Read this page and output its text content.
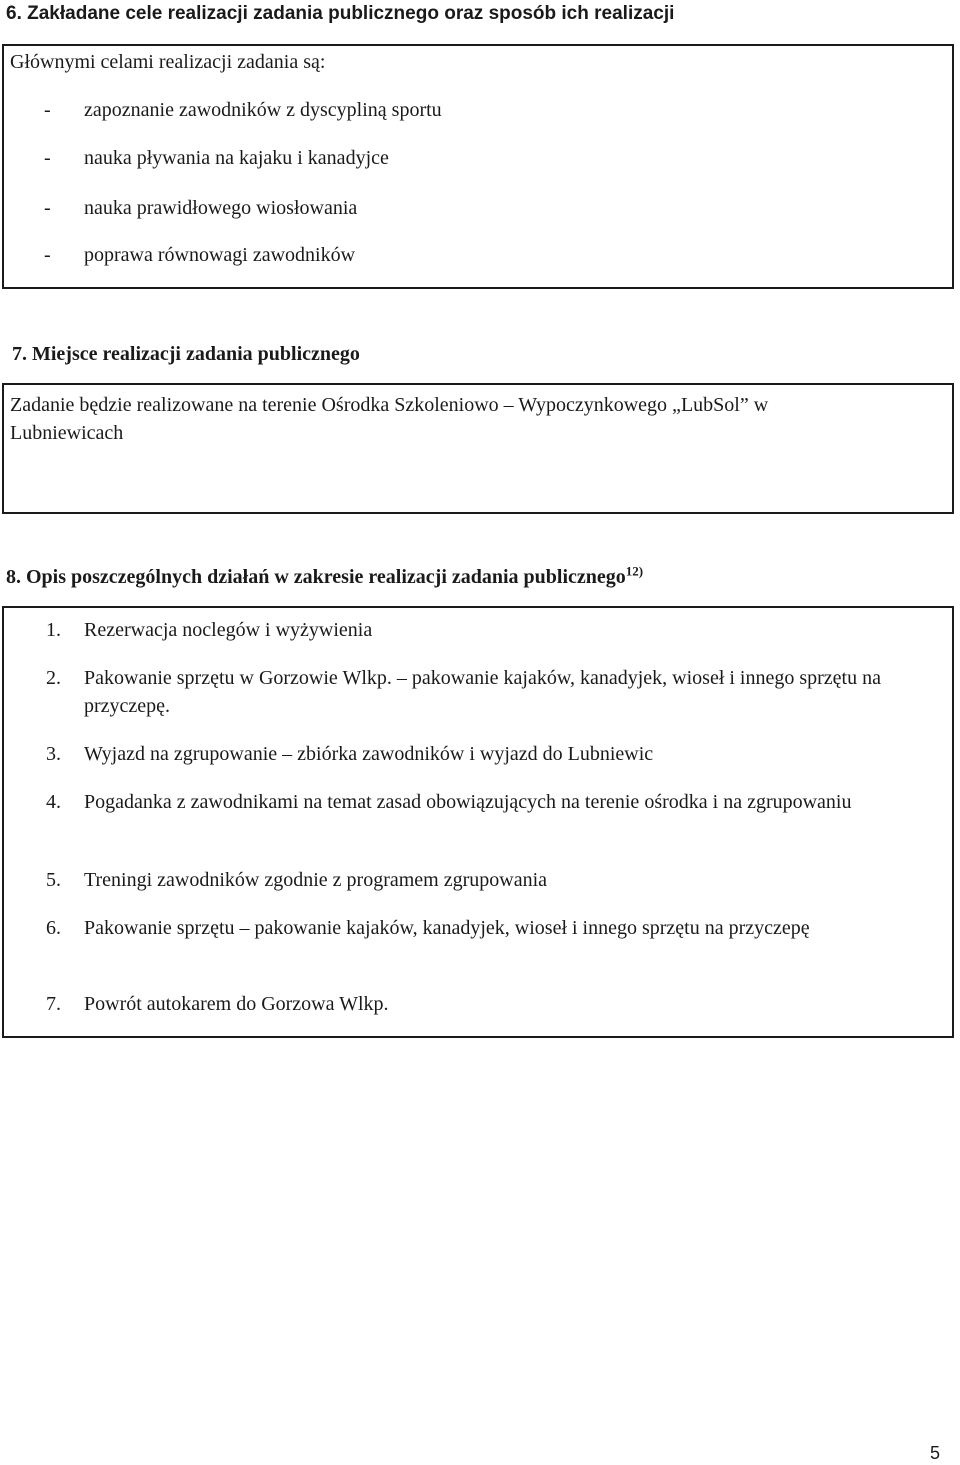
6. Zakładane cele realizacji zadania publicznego oraz sposób ich realizacji

Głównymi celami realizacji zadania są:

- zapoznanie zawodników z dyscypliną sportu
- nauka pływania na kajaku i kanadyjce
- nauka prawidłowego wiosłowania
- poprawa równowagi zawodników
7. Miejsce realizacji zadania publicznego

Zadanie będzie realizowane na terenie Ośrodka Szkoleniowo – Wypoczynkowego „LubSol” w

Lubniewicach

8. Opis poszczególnych działań w zakresie realizacji zadania publicznego$^{12)}$
1. Rezerwacja noclegów i wyżywienia

2. Pakowanie sprzętu w Gorzowie Wlkp. – pakowanie kajaków, kanadyjek, wioseł i innego sprzętu na przyczepę.

3. Wyjazd na zgrupowanie – zbiórka zawodników i wyjazd do Lubniewic

4. Pogadanka z zawodnikami na temat zasad obowiązujących na terenie ośrodka i na zgrupowaniu

5. Treningi zawodników zgodnie z programem zgrupowania

6. Pakowanie sprzętu – pakowanie kajaków, kanadyjek, wioseł i innego sprzętu na przyczepę

7. Powrót autokarem do Gorzowa Wlkp.

5
